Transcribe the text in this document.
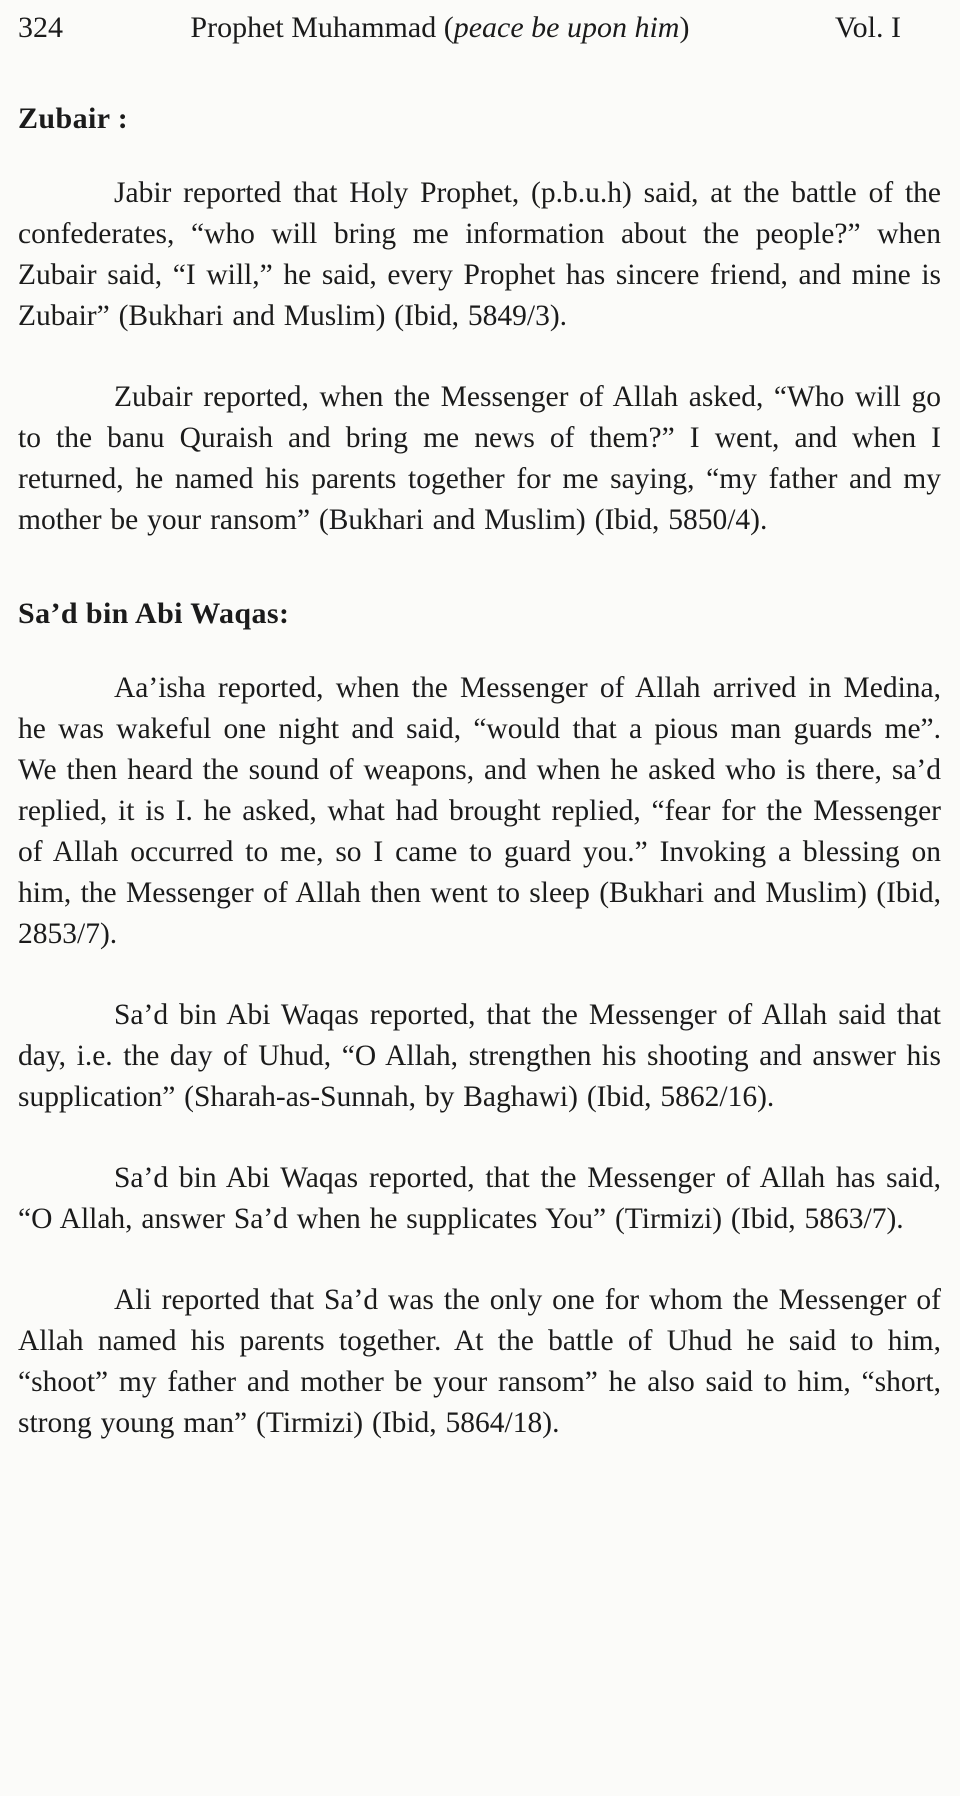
324	Prophet Muhammad (peace be upon him)	Vol. I
Zubair :

Jabir reported that Holy Prophet, (p.b.u.h) said, at the battle of the confederates, “who will bring me information about the people?” when Zubair said, “I will,” he said, every Prophet has sincere friend, and mine is Zubair” (Bukhari and Muslim) (Ibid, 5849/3).

Zubair reported, when the Messenger of Allah asked, “Who will go to the banu Quraish and bring me news of them?” I went, and when I returned, he named his parents together for me saying, “my father and my mother be your ransom” (Bukhari and Muslim) (Ibid, 5850/4).

Sa’d bin Abi Waqas:

Aa’isha reported, when the Messenger of Allah arrived in Medina, he was wakeful one night and said, “would that a pious man guards me”. We then heard the sound of weapons, and when he asked who is there, sa’d replied, it is I. he asked, what had brought replied, “fear for the Messenger of Allah occurred to me, so I came to guard you.” Invoking a blessing on him, the Messenger of Allah then went to sleep (Bukhari and Muslim) (Ibid, 2853/7).

Sa’d bin Abi Waqas reported, that the Messenger of Allah said that day, i.e. the day of Uhud, “O Allah, strengthen his shooting and answer his supplication” (Sharah-as-Sunnah, by Baghawi) (Ibid, 5862/16).

Sa’d bin Abi Waqas reported, that the Messenger of Allah has said, “O Allah, answer Sa’d when he supplicates You” (Tirmizi) (Ibid, 5863/7).

Ali reported that Sa’d was the only one for whom the Messenger of Allah named his parents together. At the battle of Uhud he said to him, “shoot” my father and mother be your ransom” he also said to him, “short, strong young man” (Tirmizi) (Ibid, 5864/18).
